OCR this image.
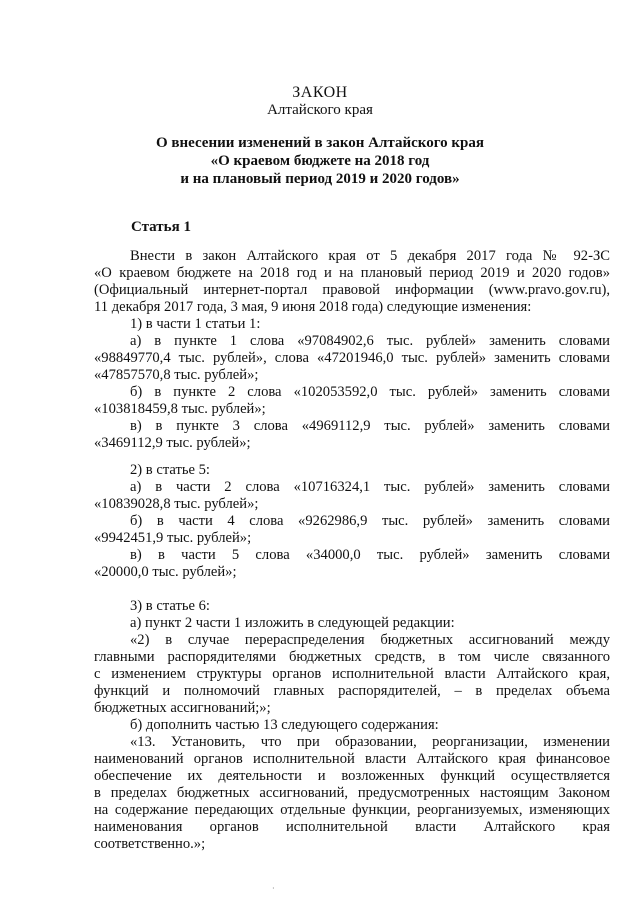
ЗАКОН
Алтайского края
О внесении изменений в закон Алтайского края
«О краевом бюджете на 2018 год
и на плановый период 2019 и 2020 годов»
Статья 1
Внести в закон Алтайского края от 5 декабря 2017 года № 92-ЗС
«О краевом бюджете на 2018 год и на плановый период 2019 и 2020 годов»
(Официальный интернет-портал правовой информации (www.pravo.gov.ru),
11 декабря 2017 года, 3 мая, 9 июня 2018 года) следующие изменения:
1) в части 1 статьи 1:
а) в пункте 1 слова «97084902,6 тыс. рублей» заменить словами
«98849770,4 тыс. рублей», слова «47201946,0 тыс. рублей» заменить словами
«47857570,8 тыс. рублей»;
б) в пункте 2 слова «102053592,0 тыс. рублей» заменить словами
«103818459,8 тыс. рублей»;
в) в пункте 3 слова «4969112,9 тыс. рублей» заменить словами
«3469112,9 тыс. рублей»;
2) в статье 5:
а) в части 2 слова «10716324,1 тыс. рублей» заменить словами
«10839028,8 тыс. рублей»;
б) в части 4 слова «9262986,9 тыс. рублей» заменить словами
«9942451,9 тыс. рублей»;
в) в части 5 слова «34000,0 тыс. рублей» заменить словами
«20000,0 тыс. рублей»;
3) в статье 6:
а) пункт 2 части 1 изложить в следующей редакции:
«2) в случае перераспределения бюджетных ассигнований между
главными распорядителями бюджетных средств, в том числе связанного
с изменением структуры органов исполнительной власти Алтайского края,
функций и полномочий главных распорядителей, – в пределах объема
бюджетных ассигнований;»;
б) дополнить частью 13 следующего содержания:
«13. Установить, что при образовании, реорганизации, изменении
наименований органов исполнительной власти Алтайского края финансовое
обеспечение их деятельности и возложенных функций осуществляется
в пределах бюджетных ассигнований, предусмотренных настоящим Законом
на содержание передающих отдельные функции, реорганизуемых, изменяющих
наименования органов исполнительной власти Алтайского края
соответственно.»;
·
